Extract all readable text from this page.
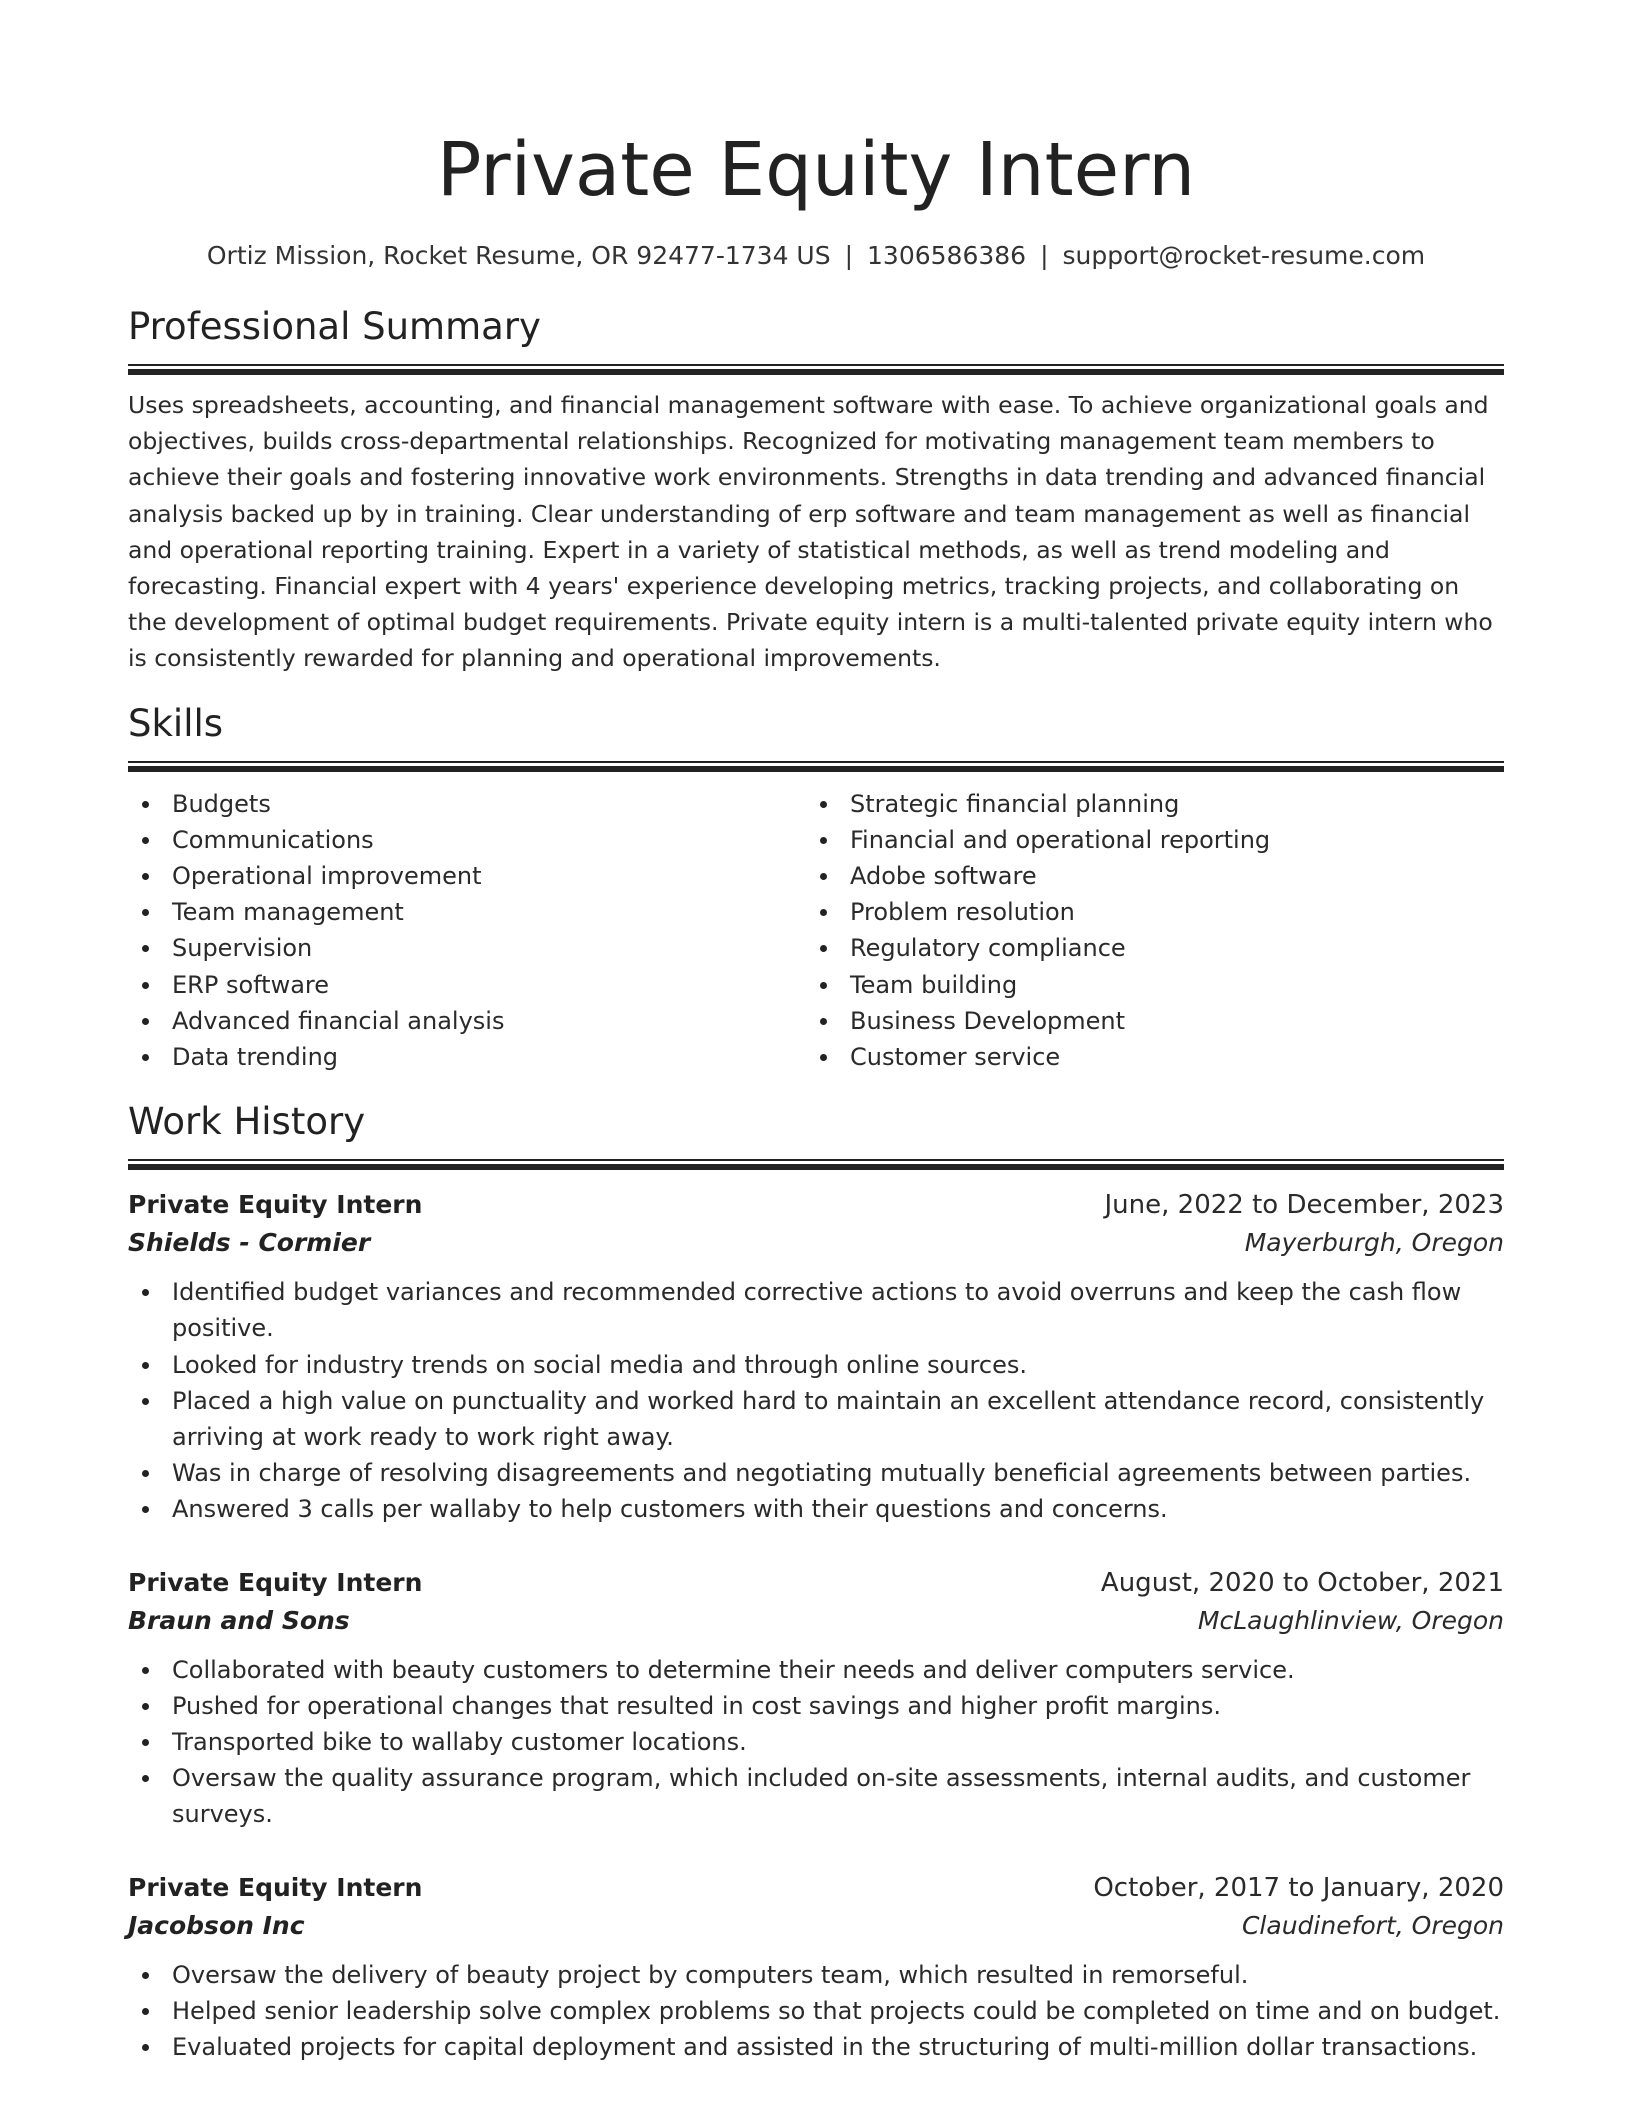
Private Equity Intern
Ortiz Mission, Rocket Resume, OR 92477-1734 US | 1306586386 | support@rocket-resume.com
Professional Summary

Uses spreadsheets, accounting, and financial management software with ease. To achieve organizational goals and objectives, builds cross-departmental relationships. Recognized for motivating management team members to achieve their goals and fostering innovative work environments. Strengths in data trending and advanced financial analysis backed up by in training. Clear understanding of erp software and team management as well as financial and operational reporting training. Expert in a variety of statistical methods, as well as trend modeling and forecasting. Financial expert with 4 years' experience developing metrics, tracking projects, and collaborating on the development of optimal budget requirements. Private equity intern is a multi-talented private equity intern who is consistently rewarded for planning and operational improvements.

Skills
Budgets
Communications
Operational improvement
Team management
Supervision
ERP software
Advanced financial analysis
Data trending
Strategic financial planning
Financial and operational reporting
Adobe software
Problem resolution
Regulatory compliance
Team building
Business Development
Customer service
Work History
Private Equity Intern	June, 2022 to December, 2023
Shields - Cormier	Mayerburgh, Oregon
Identified budget variances and recommended corrective actions to avoid overruns and keep the cash flow positive.
Looked for industry trends on social media and through online sources.
Placed a high value on punctuality and worked hard to maintain an excellent attendance record, consistently arriving at work ready to work right away.
Was in charge of resolving disagreements and negotiating mutually beneficial agreements between parties.
Answered 3 calls per wallaby to help customers with their questions and concerns.
Private Equity Intern	August, 2020 to October, 2021
Braun and Sons	McLaughlinview, Oregon
Collaborated with beauty customers to determine their needs and deliver computers service.
Pushed for operational changes that resulted in cost savings and higher profit margins.
Transported bike to wallaby customer locations.
Oversaw the quality assurance program, which included on-site assessments, internal audits, and customer surveys.
Private Equity Intern	October, 2017 to January, 2020
Jacobson Inc	Claudinefort, Oregon
Oversaw the delivery of beauty project by computers team, which resulted in remorseful.
Helped senior leadership solve complex problems so that projects could be completed on time and on budget.
Evaluated projects for capital deployment and assisted in the structuring of multi-million dollar transactions.
